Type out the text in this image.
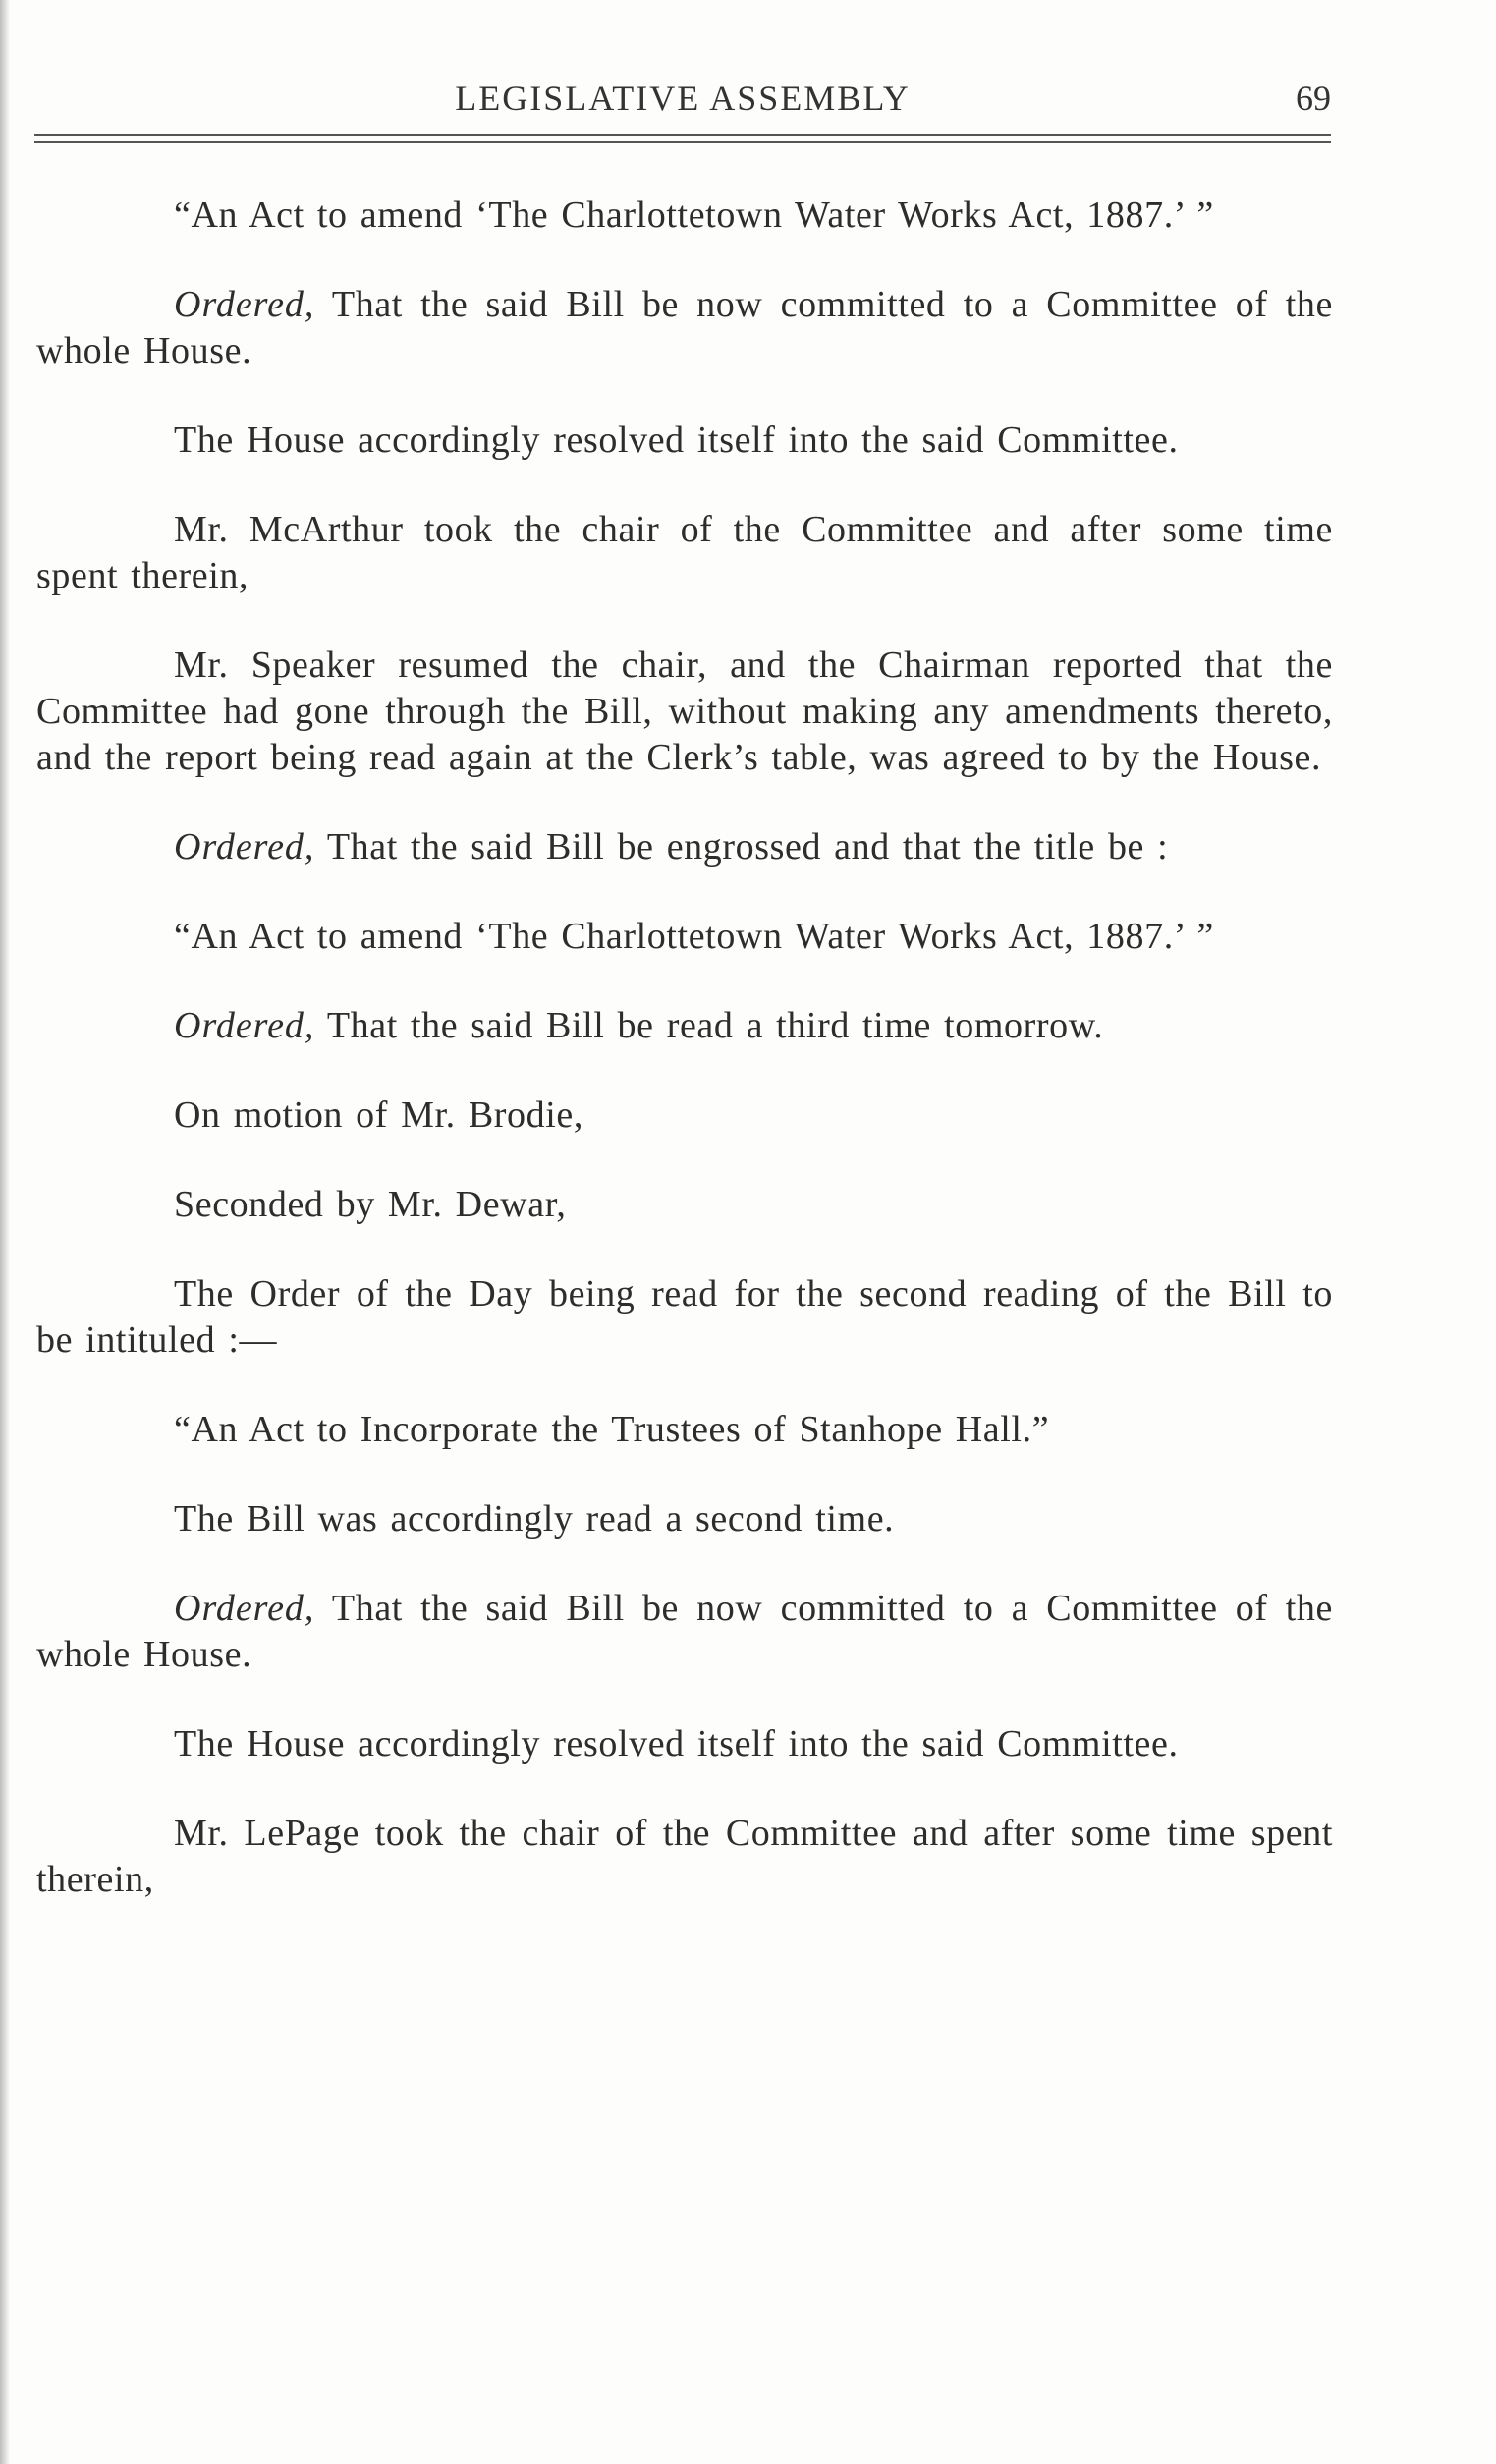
LEGISLATIVE ASSEMBLY	69

“An Act to amend ‘The Charlottetown Water Works Act, 1887.’ ”

Ordered, That the said Bill be now committed to a Committee of the whole House.

The House accordingly resolved itself into the said Committee.

Mr. McArthur took the chair of the Committee and after some time spent therein,

Mr. Speaker resumed the chair, and the Chairman reported that the Committee had gone through the Bill, without making any amendments thereto, and the report being read again at the Clerk’s table, was agreed to by the House.

Ordered, That the said Bill be engrossed and that the title be :

“An Act to amend ‘The Charlottetown Water Works Act, 1887.’ ”

Ordered, That the said Bill be read a third time tomorrow.

On motion of Mr. Brodie,

Seconded by Mr. Dewar,

The Order of the Day being read for the second reading of the Bill to be intituled :—

“An Act to Incorporate the Trustees of Stanhope Hall.”

The Bill was accordingly read a second time.

Ordered, That the said Bill be now committed to a Committee of the whole House.

The House accordingly resolved itself into the said Committee.

Mr. LePage took the chair of the Committee and after some time spent therein,
